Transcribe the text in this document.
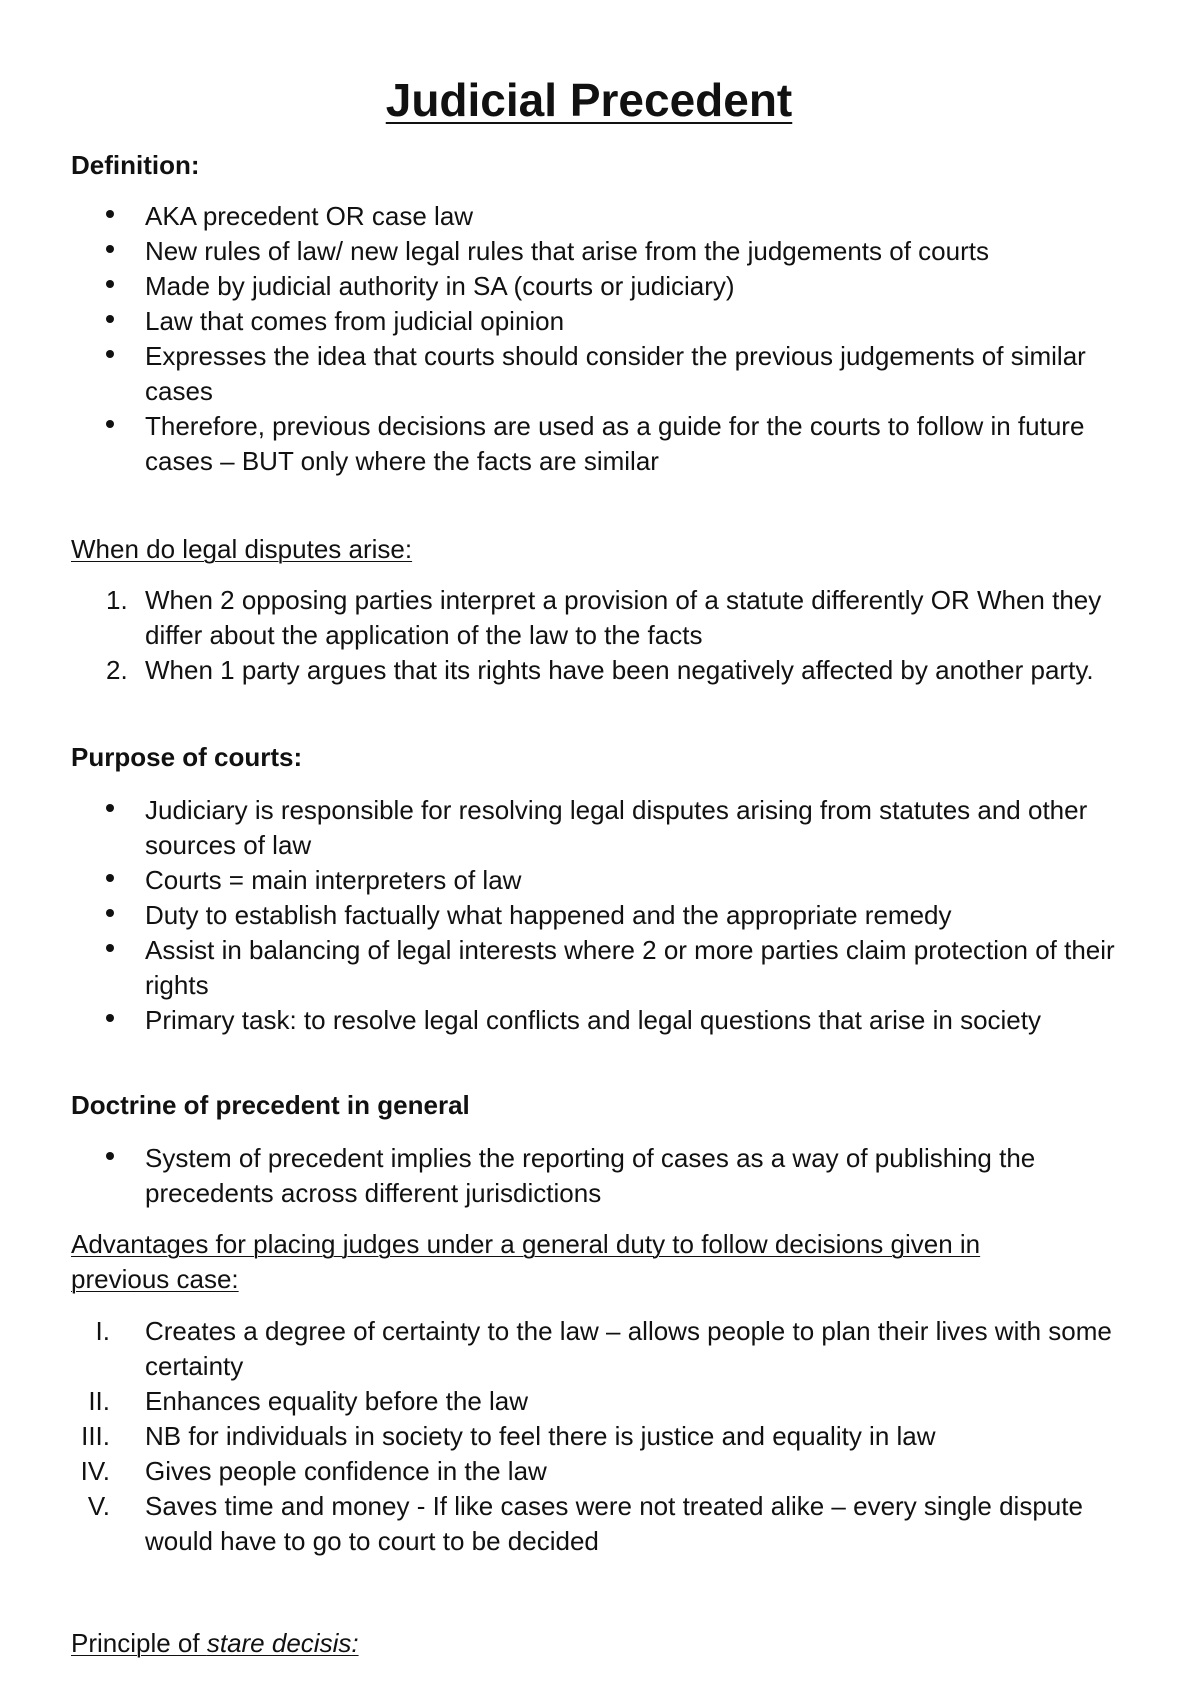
Judicial Precedent
Definition:
AKA precedent OR case law
New rules of law/ new legal rules that arise from the judgements of courts
Made by judicial authority in SA (courts or judiciary)
Law that comes from judicial opinion
Expresses the idea that courts should consider the previous judgements of similar cases
Therefore, previous decisions are used as a guide for the courts to follow in future cases – BUT only where the facts are similar
When do legal disputes arise:
1. When 2 opposing parties interpret a provision of a statute differently OR When they differ about the application of the law to the facts
2. When 1 party argues that its rights have been negatively affected by another party.
Purpose of courts:
Judiciary is responsible for resolving legal disputes arising from statutes and other sources of law
Courts = main interpreters of law
Duty to establish factually what happened and the appropriate remedy
Assist in balancing of legal interests where 2 or more parties claim protection of their rights
Primary task: to resolve legal conflicts and legal questions that arise in society
Doctrine of precedent in general
System of precedent implies the reporting of cases as a way of publishing the precedents across different jurisdictions
Advantages for placing judges under a general duty to follow decisions given in previous case:
I. Creates a degree of certainty to the law – allows people to plan their lives with some certainty
II. Enhances equality before the law
III. NB for individuals in society to feel there is justice and equality in law
IV. Gives people confidence in the law
V. Saves time and money - If like cases were not treated alike – every single dispute would have to go to court to be decided
Principle of stare decisis:
